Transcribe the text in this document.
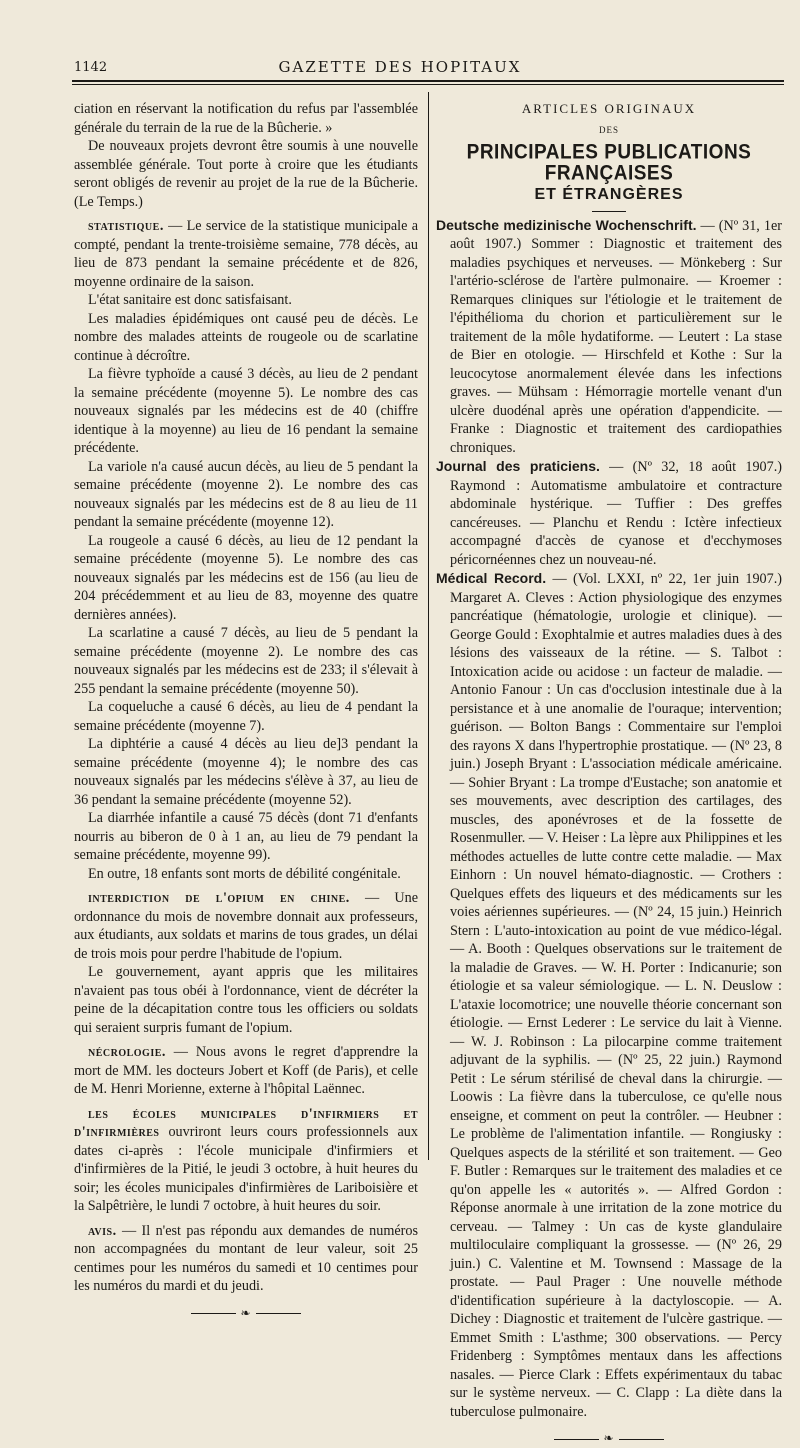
1142	GAZETTE DES HOPITAUX

ciation en réservant la notification du refus par l'assemblée générale du terrain de la rue de la Bûcherie. »

De nouveaux projets devront être soumis à une nouvelle assemblée générale. Tout porte à croire que les étudiants seront obligés de revenir au projet de la rue de la Bûcherie. (Le Temps.)

statistique. — Le service de la statistique municipale a compté, pendant la trente-troisième semaine, 778 décès, au lieu de 873 pendant la semaine précédente et de 826, moyenne ordinaire de la saison.

L'état sanitaire est donc satisfaisant.

Les maladies épidémiques ont causé peu de décès. Le nombre des malades atteints de rougeole ou de scarlatine continue à décroître.

La fièvre typhoïde a causé 3 décès, au lieu de 2 pendant la semaine précédente (moyenne 5). Le nombre des cas nouveaux signalés par les médecins est de 40 (chiffre identique à la moyenne) au lieu de 16 pendant la semaine précédente.

La variole n'a causé aucun décès, au lieu de 5 pendant la semaine précédente (moyenne 2). Le nombre des cas nouveaux signalés par les médecins est de 8 au lieu de 11 pendant la semaine précédente (moyenne 12).

La rougeole a causé 6 décès, au lieu de 12 pendant la semaine précédente (moyenne 5). Le nombre des cas nouveaux signalés par les médecins est de 156 (au lieu de 204 précédemment et au lieu de 83, moyenne des quatre dernières années).

La scarlatine a causé 7 décès, au lieu de 5 pendant la semaine précédente (moyenne 2). Le nombre des cas nouveaux signalés par les médecins est de 233; il s'élevait à 255 pendant la semaine précédente (moyenne 50).

La coqueluche a causé 6 décès, au lieu de 4 pendant la semaine précédente (moyenne 7).

La diphtérie a causé 4 décès au lieu de]3 pendant la semaine précédente (moyenne 4); le nombre des cas nouveaux signalés par les médecins s'élève à 37, au lieu de 36 pendant la semaine précédente (moyenne 52).

La diarrhée infantile a causé 75 décès (dont 71 d'enfants nourris au biberon de 0 à 1 an, au lieu de 79 pendant la semaine précédente, moyenne 99).

En outre, 18 enfants sont morts de débilité congénitale.

interdiction de l'opium en chine. — Une ordonnance du mois de novembre donnait aux professeurs, aux étudiants, aux soldats et marins de tous grades, un délai de trois mois pour perdre l'habitude de l'opium.

Le gouvernement, ayant appris que les militaires n'avaient pas tous obéi à l'ordonnance, vient de décréter la peine de la décapitation contre tous les officiers ou soldats qui seraient surpris fumant de l'opium.

nécrologie. — Nous avons le regret d'apprendre la mort de MM. les docteurs Jobert et Koff (de Paris), et celle de M. Henri Morienne, externe à l'hôpital Laënnec.

les écoles municipales d'infirmiers et d'infirmières ouvriront leurs cours professionnels aux dates ci-après : l'école municipale d'infirmiers et d'infirmières de la Pitié, le jeudi 3 octobre, à huit heures du soir; les écoles municipales d'infirmières de Lariboisière et la Salpêtrière, le lundi 7 octobre, à huit heures du soir.

avis. — Il n'est pas répondu aux demandes de numéros non accompagnées du montant de leur valeur, soit 25 centimes pour les numéros du samedi et 10 centimes pour les numéros du mardi et du jeudi.

❧
ARTICLES ORIGINAUX
DES
PRINCIPALES PUBLICATIONS FRANÇAISES
ET ÉTRANGÈRES

Deutsche medizinische Wochenschrift. — (Nº 31, 1er août 1907.) Sommer : Diagnostic et traitement des maladies psychiques et nerveuses. — Mönkeberg : Sur l'artério-sclérose de l'artère pulmonaire. — Kroemer : Remarques cliniques sur l'étiologie et le traitement de l'épithélioma du chorion et particulièrement sur le traitement de la môle hydatiforme. — Leutert : La stase de Bier en otologie. — Hirschfeld et Kothe : Sur la leucocytose anormalement élevée dans les infections graves. — Mühsam : Hémorragie mortelle venant d'un ulcère duodénal après une opération d'appendicite. — Franke : Diagnostic et traitement des cardiopathies chroniques.

Journal des praticiens. — (Nº 32, 18 août 1907.) Raymond : Automatisme ambulatoire et contracture abdominale hystérique. — Tuffier : Des greffes cancéreuses. — Planchu et Rendu : Ictère infectieux accompagné d'accès de cyanose et d'ecchymoses péricornéennes chez un nouveau-né.

Médical Record. — (Vol. LXXI, nº 22, 1er juin 1907.) Margaret A. Cleves : Action physiologique des enzymes pancréatique (hématologie, urologie et clinique). — George Gould : Exophtalmie et autres maladies dues à des lésions des vaisseaux de la rétine. — S. Talbot : Intoxication acide ou acidose : un facteur de maladie. — Antonio Fanour : Un cas d'occlusion intestinale due à la persistance et à une anomalie de l'ouraque; intervention; guérison. — Bolton Bangs : Commentaire sur l'emploi des rayons X dans l'hypertrophie prostatique. — (Nº 23, 8 juin.) Joseph Bryant : L'association médicale américaine. — Sohier Bryant : La trompe d'Eustache; son anatomie et ses mouvements, avec description des cartilages, des muscles, des aponévroses et de la fossette de Rosenmuller. — V. Heiser : La lèpre aux Philippines et les méthodes actuelles de lutte contre cette maladie. — Max Einhorn : Un nouvel hémato-diagnostic. — Crothers : Quelques effets des liqueurs et des médicaments sur les voies aériennes supérieures. — (Nº 24, 15 juin.) Heinrich Stern : L'auto-intoxication au point de vue médico-légal. — A. Booth : Quelques observations sur le traitement de la maladie de Graves. — W. H. Porter : Indicanurie; son étiologie et sa valeur sémiologique. — L. N. Deuslow : L'ataxie locomotrice; une nouvelle théorie concernant son étiologie. — Ernst Lederer : Le service du lait à Vienne. — W. J. Robinson : La pilocarpine comme traitement adjuvant de la syphilis. — (Nº 25, 22 juin.) Raymond Petit : Le sérum stérilisé de cheval dans la chirurgie. — Loowis : La fièvre dans la tuberculose, ce qu'elle nous enseigne, et comment on peut la contrôler. — Heubner : Le problème de l'alimentation infantile. — Rongiusky : Quelques aspects de la stérilité et son traitement. — Geo F. Butler : Remarques sur le traitement des maladies et ce qu'on appelle les « autorités ». — Alfred Gordon : Réponse anormale à une irritation de la zone motrice du cerveau. — Talmey : Un cas de kyste glandulaire multiloculaire compliquant la grossesse. — (Nº 26, 29 juin.) C. Valentine et M. Townsend : Massage de la prostate. — Paul Prager : Une nouvelle méthode d'identification supérieure à la dactyloscopie. — A. Dichey : Diagnostic et traitement de l'ulcère gastrique. — Emmet Smith : L'asthme; 300 observations. — Percy Fridenberg : Symptômes mentaux dans les affections nasales. — Pierce Clark : Effets expérimentaux du tabac sur le système nerveux. — C. Clapp : La diète dans la tuberculose pulmonaire.

❧
